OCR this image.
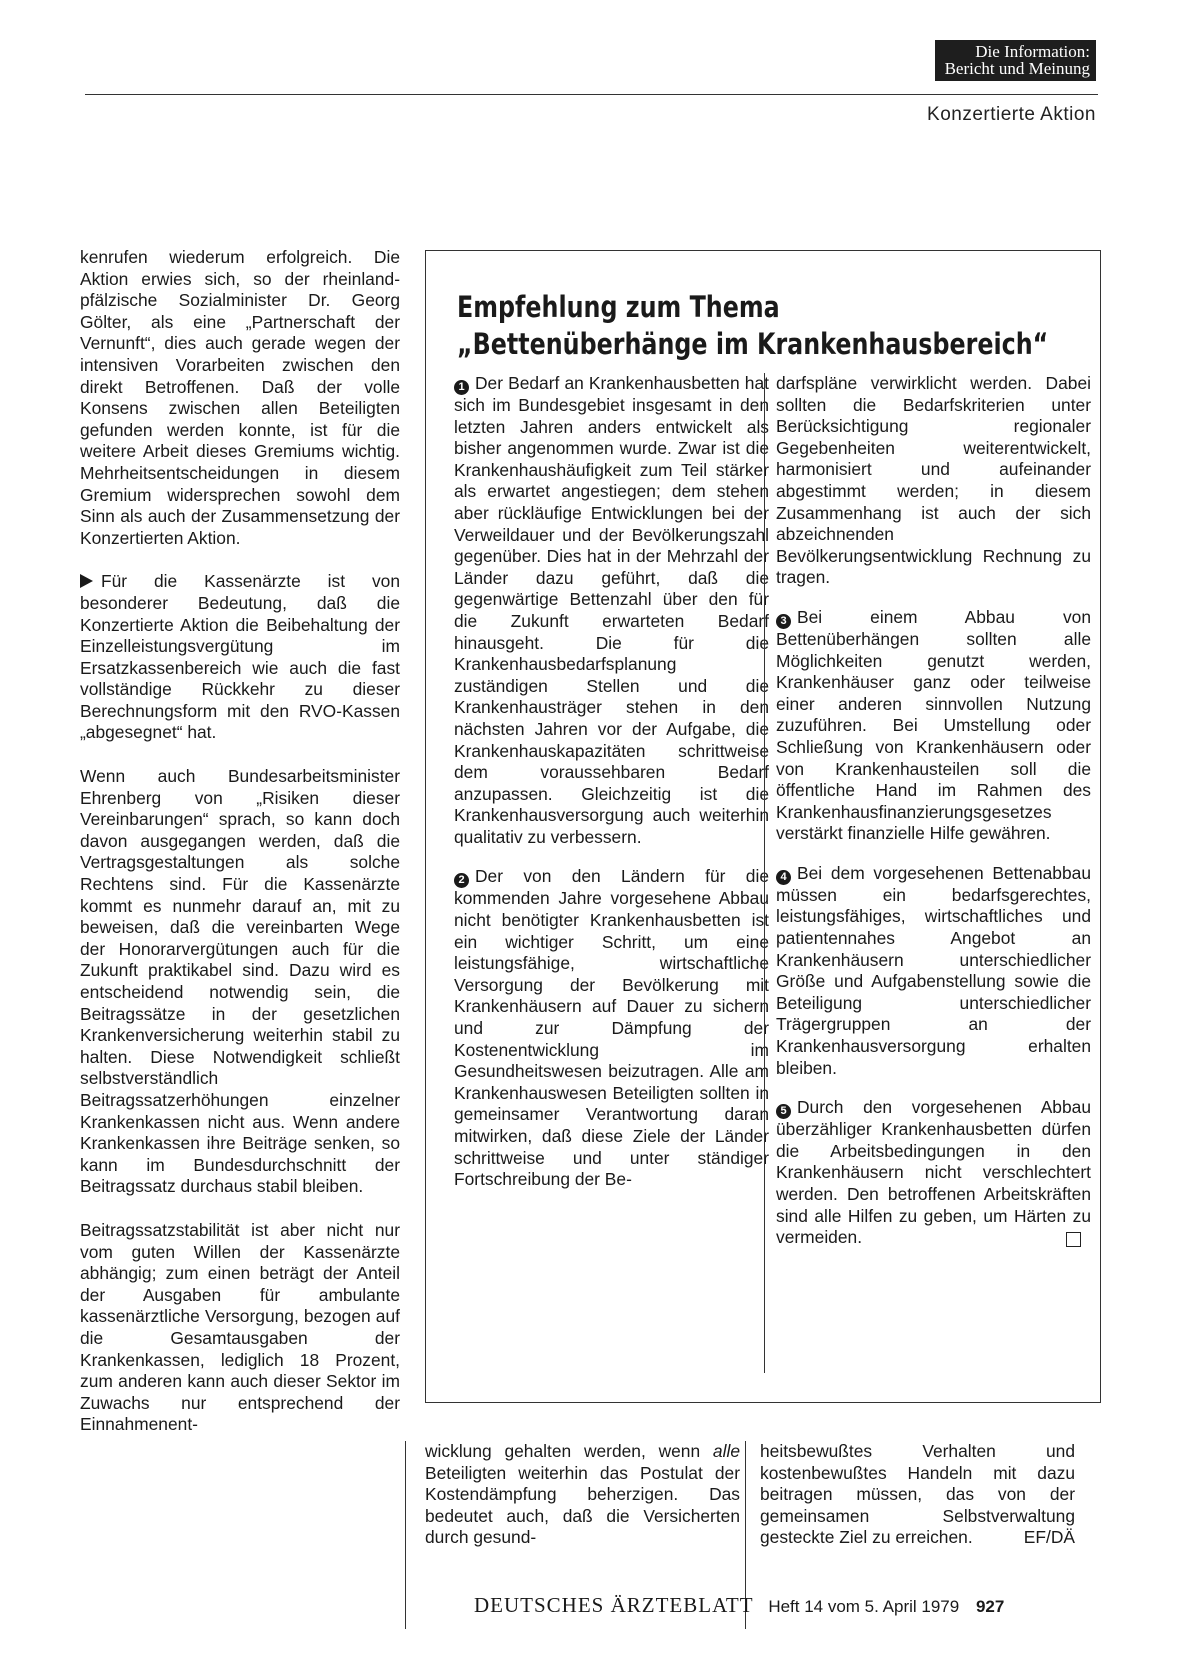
Die Information:
Bericht und Meinung
Konzertierte Aktion

kenrufen wiederum erfolgreich. Die Aktion erwies sich, so der rheinland-pfälzische Sozialminister Dr. Georg Gölter, als eine „Partnerschaft der Vernunft“, dies auch gerade wegen der intensiven Vorarbeiten zwischen den direkt Betroffenen. Daß der volle Konsens zwischen allen Beteiligten gefunden werden konnte, ist für die weitere Arbeit dieses Gremiums wichtig. Mehrheitsentscheidungen in diesem Gremium widersprechen sowohl dem Sinn als auch der Zusammensetzung der Konzertierten Aktion.

Für die Kassenärzte ist von besonderer Bedeutung, daß die Konzertierte Aktion die Beibehaltung der Einzelleistungsvergütung im Ersatzkassenbereich wie auch die fast vollständige Rückkehr zu dieser Berechnungsform mit den RVO-Kassen „abgesegnet“ hat.

Wenn auch Bundesarbeitsminister Ehrenberg von „Risiken dieser Vereinbarungen“ sprach, so kann doch davon ausgegangen werden, daß die Vertragsgestaltungen als solche Rechtens sind. Für die Kassenärzte kommt es nunmehr darauf an, mit zu beweisen, daß die vereinbarten Wege der Honorarvergütungen auch für die Zukunft praktikabel sind. Dazu wird es entscheidend notwendig sein, die Beitragssätze in der gesetzlichen Krankenversicherung weiterhin stabil zu halten. Diese Notwendigkeit schließt selbstverständlich Beitragssatzerhöhungen einzelner Krankenkassen nicht aus. Wenn andere Krankenkassen ihre Beiträge senken, so kann im Bundesdurchschnitt der Beitragssatz durchaus stabil bleiben.

Beitragssatzstabilität ist aber nicht nur vom guten Willen der Kassenärzte abhängig; zum einen beträgt der Anteil der Ausgaben für ambulante kassenärztliche Versorgung, bezogen auf die Gesamtausgaben der Krankenkassen, lediglich 18 Prozent, zum anderen kann auch dieser Sektor im Zuwachs nur entsprechend der Einnahmenent-

Empfehlung zum Thema
„Bettenüberhänge im Krankenhausbereich“

1 Der Bedarf an Krankenhausbetten hat sich im Bundesgebiet insgesamt in den letzten Jahren anders entwickelt als bisher angenommen wurde. Zwar ist die Krankenhaushäufigkeit zum Teil stärker als erwartet angestiegen; dem stehen aber rückläufige Entwicklungen bei der Verweildauer und der Bevölkerungszahl gegenüber. Dies hat in der Mehrzahl der Länder dazu geführt, daß die gegenwärtige Bettenzahl über den für die Zukunft erwarteten Bedarf hinausgeht. Die für die Krankenhausbedarfsplanung zuständigen Stellen und die Krankenhausträger stehen in den nächsten Jahren vor der Aufgabe, die Krankenhauskapazitäten schrittweise dem voraussehbaren Bedarf anzupassen. Gleichzeitig ist die Krankenhausversorgung auch weiterhin qualitativ zu verbessern.

2 Der von den Ländern für die kommenden Jahre vorgesehene Abbau nicht benötigter Krankenhausbetten ist ein wichtiger Schritt, um eine leistungsfähige, wirtschaftliche Versorgung der Bevölkerung mit Krankenhäusern auf Dauer zu sichern und zur Dämpfung der Kostenentwicklung im Gesundheitswesen beizutragen. Alle am Krankenhauswesen Beteiligten sollten in gemeinsamer Verantwortung daran mitwirken, daß diese Ziele der Länder schrittweise und unter ständiger Fortschreibung der Be-

darfspläne verwirklicht werden. Dabei sollten die Bedarfskriterien unter Berücksichtigung regionaler Gegebenheiten weiterentwickelt, harmonisiert und aufeinander abgestimmt werden; in diesem Zusammenhang ist auch der sich abzeichnenden Bevölkerungsentwicklung Rechnung zu tragen.

3 Bei einem Abbau von Bettenüberhängen sollten alle Möglichkeiten genutzt werden, Krankenhäuser ganz oder teilweise einer anderen sinnvollen Nutzung zuzuführen. Bei Umstellung oder Schließung von Krankenhäusern oder von Krankenhausteilen soll die öffentliche Hand im Rahmen des Krankenhausfinanzierungsgesetzes verstärkt finanzielle Hilfe gewähren.

4 Bei dem vorgesehenen Bettenabbau müssen ein bedarfsgerechtes, leistungsfähiges, wirtschaftliches und patientennahes Angebot an Krankenhäusern unterschiedlicher Größe und Aufgabenstellung sowie die Beteiligung unterschiedlicher Trägergruppen an der Krankenhausversorgung erhalten bleiben.

5 Durch den vorgesehenen Abbau überzähliger Krankenhausbetten dürfen die Arbeitsbedingungen in den Krankenhäusern nicht verschlechtert werden. Den betroffenen Arbeitskräften sind alle Hilfen zu geben, um Härten zu vermeiden.

wicklung gehalten werden, wenn alle Beteiligten weiterhin das Postulat der Kostendämpfung beherzigen. Das bedeutet auch, daß die Versicherten durch gesund-
heitsbewußtes Verhalten und kostenbewußtes Handeln mit dazu beitragen müssen, das von der gemeinsamen Selbstverwaltung gesteckte Ziel zu erreichen.	EF/DÄ
DEUTSCHES ÄRZTEBLATT Heft 14 vom 5. April 1979 927
